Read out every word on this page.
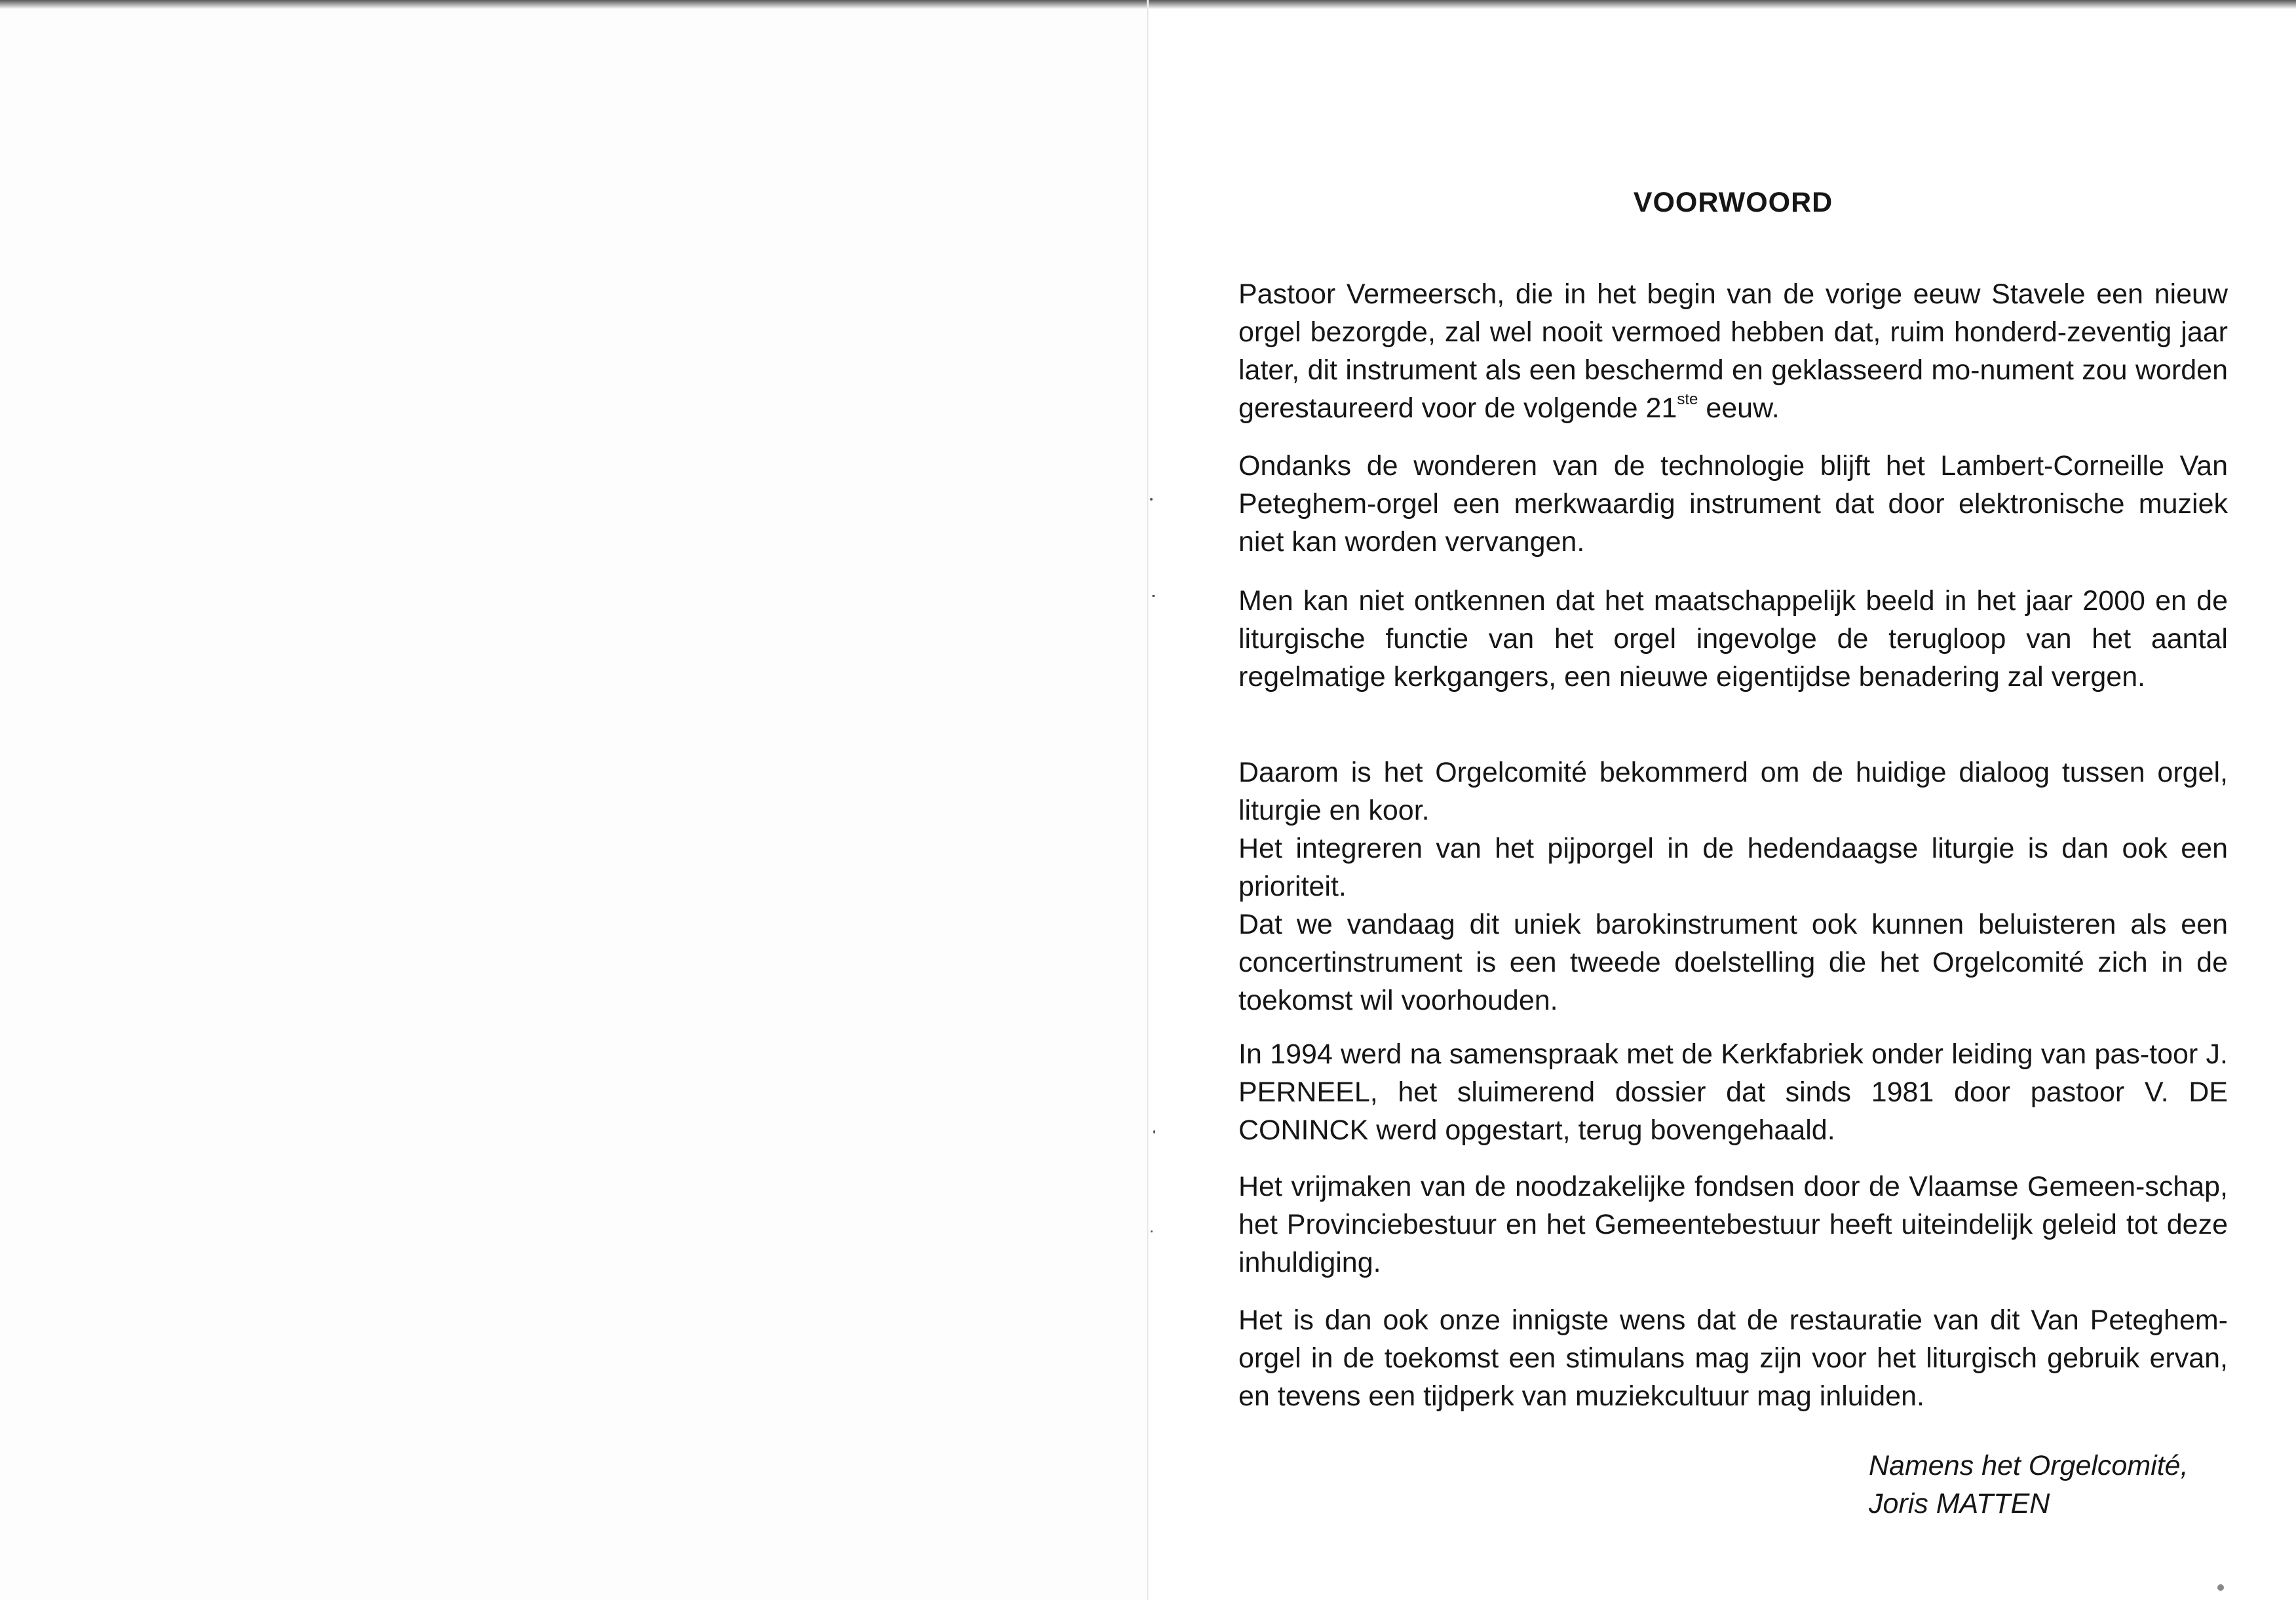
VOORWOORD

Pastoor Vermeersch, die in het begin van de vorige eeuw Stavele een nieuw orgel bezorgde, zal wel nooit vermoed hebben dat, ruim honderd-zeventig jaar later, dit instrument als een beschermd en geklasseerd mo-nument zou worden gerestaureerd voor de volgende 21ste eeuw.

Ondanks de wonderen van de technologie blijft het Lambert-Corneille Van Peteghem-orgel een merkwaardig instrument dat door elektronische muziek niet kan worden vervangen.

Men kan niet ontkennen dat het maatschappelijk beeld in het jaar 2000 en de liturgische functie van het orgel ingevolge de terugloop van het aantal regelmatige kerkgangers, een nieuwe eigentijdse benadering zal vergen.

Daarom is het Orgelcomité bekommerd om de huidige dialoog tussen orgel, liturgie en koor.

Het integreren van het pijporgel in de hedendaagse liturgie is dan ook een prioriteit.

Dat we vandaag dit uniek barokinstrument ook kunnen beluisteren als een concertinstrument is een tweede doelstelling die het Orgelcomité zich in de toekomst wil voorhouden.

In 1994 werd na samenspraak met de Kerkfabriek onder leiding van pas-toor J. PERNEEL, het sluimerend dossier dat sinds 1981 door pastoor V. DE CONINCK werd opgestart, terug bovengehaald.

Het vrijmaken van de noodzakelijke fondsen door de Vlaamse Gemeen-schap, het Provinciebestuur en het Gemeentebestuur heeft uiteindelijk geleid tot deze inhuldiging.

Het is dan ook onze innigste wens dat de restauratie van dit Van Peteghem-orgel in de toekomst een stimulans mag zijn voor het liturgisch gebruik ervan, en tevens een tijdperk van muziekcultuur mag inluiden.

Namens het Orgelcomité,
Joris MATTEN
